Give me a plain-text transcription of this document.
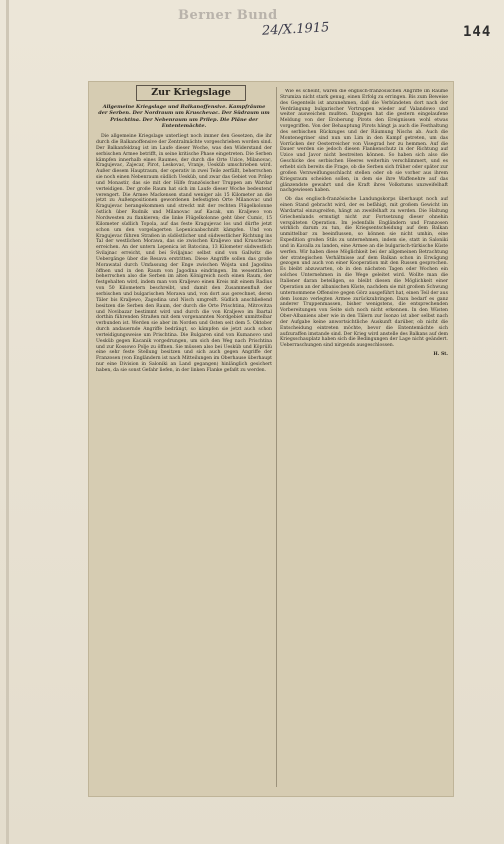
Berner Bund
24/X.1915	144
Zur Kriegslage
Allgemeine Kriegslage und Balkanoffensive. Kampfräume der Serben. Der Nordraum um Kruschevac. Der Südraum um Prischtina. Der Nebenraum um Prilep. Die Pläne der Ententemächte.

Die allgemeine Kriegslage unterliegt noch immer den Gesetzen, die ihr durch die Balkanoffensive der Zentralmächte vorgeschrieben worden sind. Der Balkanfeldzug ist im Laufe dieser Woche, was den Widerstand der serbischen Armee betrifft, in seine kritische Phase eingetreten. Die Serben kämpfen innerhalb eines Raumes, der durch die Orte Uzice, Milanovac, Kragujevac, Zajecar, Pirot, Leskovac, Vranje, Uesküb umschrieben wird. Außer diesem Hauptraum, der operativ in zwei Teile zerfällt, beherrschen sie noch einen Nebenraum südlich Uesküb, und zwar das Gebiet von Prilep und Monastir, das sie mit der Hilfe französischer Truppen am Wardar verteidigen. Der große Raum hat sich im Laufe dieser Woche bedeutend verengert. Die Armee Mackensen stand weniger als 15 Kilometer an die jetzt zu Außenpositionen gewordenen befestigten Orte Milanovac und Kragujevac herangekommen und streckt mit der rechten Flügelkolonne östlich über Rudnik und Milanovac auf Kacak, um Kraljewo von Nordwesten zu flankieren; die linke Flügelkolonne geht über Cumic, 15 Kilometer südlich Topola, auf das feste Kragujevac los und dürfte jetzt schon um den vorgelagerten Lepenicaabschnitt kämpfen. Und von Kragujevac führen Straßen in südöstlicher und südwestlicher Richtung ins Tal der westlichen Morawa, das sie zwischen Kraljewo und Kruschevac erreichen. An der untern Lepenica ist Batocina, 13 Kilometer südwestlich Svilajnac erreicht, und bei Sviljajnac selbst sind von Gallwitz die Uebergänge über die Resava erstritten. Diese Angriffe sollen das große Morawatal durch Umfassung der Enge zwischen Wojsta und Jagodina öffnen und in den Raum von Jagodina eindringen. Im wesentlichen beherrschen also die Serben im alten Königreich noch einen Raum, der festgehalten wird, indem man von Kraljewo einen Kreis mit einem Radius von 50 Kilometern beschreibt, und damit den Zusammenfluß der serbischen und bulgarischen Morawa und, von dort aus gerechnet, deren Täler bis Kraljewo, Zagodina und Nisch umgreift. Südlich anschließend besitzen die Serben den Raum, der durch die Orte Prischtina, Mitrovitza und Novibazar bestimmt wird und durch die von Kraljewo im Ibartal dorthin führenden Straßen mit dem vorgenannten Nordgebiet unmittelbar verbunden ist. Werden sie aber im Norden und Osten seit dem 5. Oktober durch andauernde Angriffe bedrängt, so kämpfen sie jetzt auch schon verteidigungsweise um Prischtina. Die Bulgaren sind von Kumanovo und Uesküb gegen Kacanik vorgedrungen, um sich den Weg nach Prischtina und zur Kossowo Polje zu öffnen. Sie müssen also bei Uesküb und Köprülü eine sehr feste Stellung besitzen und sich auch gegen Angriffe der Franzosen (von Engländern ist nach Mitteilungen im Oberhause überhaupt nur eine Division in Saloniki an Land gegangen) hinlänglich gesichert haben, da sie sonst Gefahr liefen, in der linken Flanke gefaßt zu werden.

Wie es scheint, waren die englisch-französischen Angriffe im Raume Strumiza nicht stark genug, einen Erfolg zu erringen. Bis zum Beweise des Gegenteils ist anzunehmen, daß die Verbündeten dort nach der Verdrängung bulgarischer Vortruppen wieder auf Valandowo und weiter ausweichen mußten. Dagegen hat die gestern eingelaufene Meldung von der Eroberung Pirots den Ereignissen wohl etwas vorgegriffen. Von der Behauptung Pirots hängt ja auch die Festhaltung des serbischen Rückzuges und der Räumung Nischs ab. Auch die Montenegriner sind nun um Lim in den Kampf getreten, um das Vorrücken der Oesterreicher von Visegrad her zu hemmen. Auf die Dauer werden sie jedoch diesen Flankenschutz in der Richtung auf Uzice und Javor nicht bestreiten können. So haben sich also die Geschicke des serbischen Heeres weiterhin verschlimmert, und es erhebt sich bereits die Frage, ob die Serben sich früher oder später zur großen Verzweiflungsschlacht stellen oder ob sie vorher aus ihrem Kriegsraum scheiden sollen, in dem sie ihre Waffenehre auf das glänzendste gewahrt und die Kraft ihres Volkstums unzweifelhaft nachgewiesen haben.

Ob das englisch-französische Landungskorps überhaupt noch auf einen Stand gebracht wird, der es befähigt, mit großem Gewicht im Wardartal einzugreifen, hängt an zweifelhaft zu werden. Die Haltung Griechenlands ermutigt nicht zur Fortsetzung dieser ohnehin verspäteten Operation. Im jedenfalls Engländern und Franzosen wirklich darum zu tun, die Kriegsentscheidung auf dem Balkan unmittelbar zu beeinflussen, so können sie nicht umhin, eine Expedition großen Stils zu unternehmen, indem sie, statt in Saloniki und in Kavalla zu landen, eine Armee an die bulgarisch-türkische Küste werfen. Wir haben diese Möglichkeit bei der allgemeinen Betrachtung der strategischen Verhältnisse auf dem Balkan schon in Erwägung gezogen und auch von einer Kooperation mit den Russen gesprochen. Es bleibt abzuwarten, ob in den nächsten Tagen oder Wochen ein solches Unternehmen in die Wege geleitet wird. Wollte man die Italiener daran beteiligen, so bleibt diesen die Möglichkeit einer Operation an der albanischen Küste, nachdem sie mit großem Schwung unternommene Offensive gegen Görz ausgeführt hat, einen Teil der aus dem Isonzo verlegten Armee zurückzubringen. Dazu bedarf es ganz anderer Truppenmassen, bisher wenigstens, die entsprechenden Vorbereitungen von Seite sich noch nicht erkennen. In den Wüsten Ober-Albaniens aber wie in den Tälern zur Isonzo ist aber selbst nach der Aufgabe keine anwortsichtliche Auskunft darüber, ob nicht die Entscheidung eintreten möchte, bevor die Ententemächte sich aufzuraffen imstande sind. Der Krieg wird anstelle des Balkans auf dem Kriegsschauplatz haben sich die Bedingungen der Lage nicht geändert. Ueberraschungen sind nirgends ausgeschlossen.

H. St.
